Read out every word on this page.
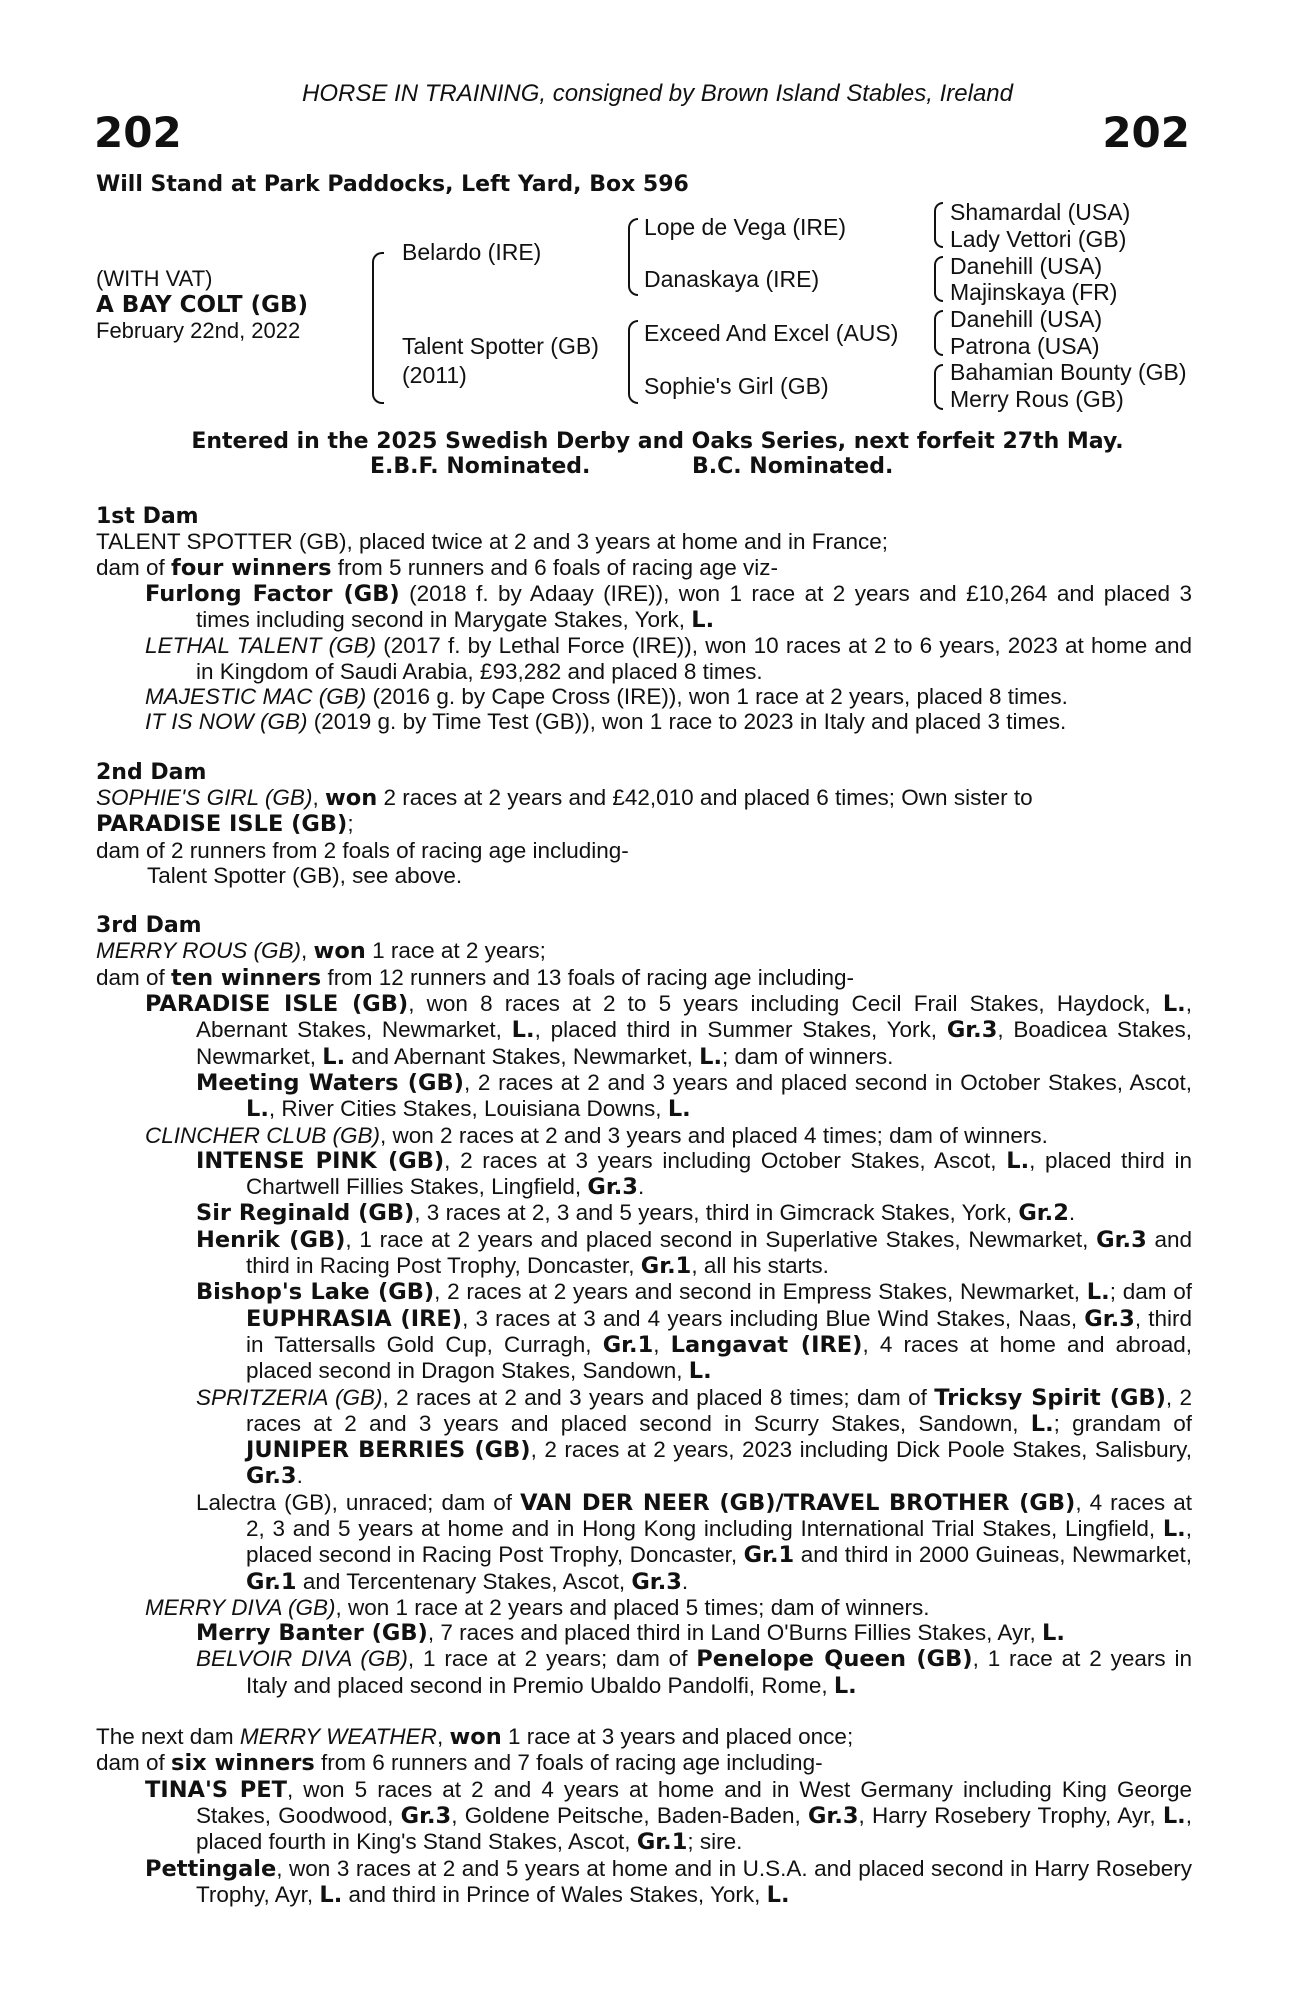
HORSE IN TRAINING, consigned by Brown Island Stables, Ireland
202	202
Will Stand at Park Paddocks, Left Yard, Box 596
(WITH VAT)
A BAY COLT (GB)
February 22nd, 2022
Belardo (IRE)
Talent Spotter (GB)
(2011)
Lope de Vega (IRE)
Danaskaya (IRE)
Exceed And Excel (AUS)
Sophie's Girl (GB)
Shamardal (USA)
Lady Vettori (GB)
Danehill (USA)
Majinskaya (FR)
Danehill (USA)
Patrona (USA)
Bahamian Bounty (GB)
Merry Rous (GB)
Entered in the 2025 Swedish Derby and Oaks Series, next forfeit 27th May.
E.B.F. Nominated.	B.C. Nominated.

1st Dam

TALENT SPOTTER (GB), placed twice at 2 and 3 years at home and in France;

dam of four winners from 5 runners and 6 foals of racing age viz-

Furlong Factor (GB) (2018 f. by Adaay (IRE)), won 1 race at 2 years and £10,264 and placed 3 times including second in Marygate Stakes, York, L.

LETHAL TALENT (GB) (2017 f. by Lethal Force (IRE)), won 10 races at 2 to 6 years, 2023 at home and in Kingdom of Saudi Arabia, £93,282 and placed 8 times.

MAJESTIC MAC (GB) (2016 g. by Cape Cross (IRE)), won 1 race at 2 years, placed 8 times.

IT IS NOW (GB) (2019 g. by Time Test (GB)), won 1 race to 2023 in Italy and placed 3 times.

2nd Dam

SOPHIE'S GIRL (GB), won 2 races at 2 years and £42,010 and placed 6 times; Own sister to
PARADISE ISLE (GB);

dam of 2 runners from 2 foals of racing age including-

Talent Spotter (GB), see above.

3rd Dam

MERRY ROUS (GB), won 1 race at 2 years;

dam of ten winners from 12 runners and 13 foals of racing age including-

PARADISE ISLE (GB), won 8 races at 2 to 5 years including Cecil Frail Stakes, Haydock, L., Abernant Stakes, Newmarket, L., placed third in Summer Stakes, York, Gr.3, Boadicea Stakes, Newmarket, L. and Abernant Stakes, Newmarket, L.; dam of winners.

Meeting Waters (GB), 2 races at 2 and 3 years and placed second in October Stakes, Ascot, L., River Cities Stakes, Louisiana Downs, L.

CLINCHER CLUB (GB), won 2 races at 2 and 3 years and placed 4 times; dam of winners.

INTENSE PINK (GB), 2 races at 3 years including October Stakes, Ascot, L., placed third in Chartwell Fillies Stakes, Lingfield, Gr.3.

Sir Reginald (GB), 3 races at 2, 3 and 5 years, third in Gimcrack Stakes, York, Gr.2.

Henrik (GB), 1 race at 2 years and placed second in Superlative Stakes, Newmarket, Gr.3 and third in Racing Post Trophy, Doncaster, Gr.1, all his starts.

Bishop's Lake (GB), 2 races at 2 years and second in Empress Stakes, Newmarket, L.; dam of EUPHRASIA (IRE), 3 races at 3 and 4 years including Blue Wind Stakes, Naas, Gr.3, third in Tattersalls Gold Cup, Curragh, Gr.1, Langavat (IRE), 4 races at home and abroad, placed second in Dragon Stakes, Sandown, L.

SPRITZERIA (GB), 2 races at 2 and 3 years and placed 8 times; dam of Tricksy Spirit (GB), 2 races at 2 and 3 years and placed second in Scurry Stakes, Sandown, L.; grandam of JUNIPER BERRIES (GB), 2 races at 2 years, 2023 including Dick Poole Stakes, Salisbury, Gr.3.

Lalectra (GB), unraced; dam of VAN DER NEER (GB)/TRAVEL BROTHER (GB), 4 races at 2, 3 and 5 years at home and in Hong Kong including International Trial Stakes, Lingfield, L., placed second in Racing Post Trophy, Doncaster, Gr.1 and third in 2000 Guineas, Newmarket, Gr.1 and Tercentenary Stakes, Ascot, Gr.3.

MERRY DIVA (GB), won 1 race at 2 years and placed 5 times; dam of winners.

Merry Banter (GB), 7 races and placed third in Land O'Burns Fillies Stakes, Ayr, L.

BELVOIR DIVA (GB), 1 race at 2 years; dam of Penelope Queen (GB), 1 race at 2 years in Italy and placed second in Premio Ubaldo Pandolfi, Rome, L.

The next dam MERRY WEATHER, won 1 race at 3 years and placed once;

dam of six winners from 6 runners and 7 foals of racing age including-

TINA'S PET, won 5 races at 2 and 4 years at home and in West Germany including King George Stakes, Goodwood, Gr.3, Goldene Peitsche, Baden-Baden, Gr.3, Harry Rosebery Trophy, Ayr, L., placed fourth in King's Stand Stakes, Ascot, Gr.1; sire.

Pettingale, won 3 races at 2 and 5 years at home and in U.S.A. and placed second in Harry Rosebery Trophy, Ayr, L. and third in Prince of Wales Stakes, York, L.
